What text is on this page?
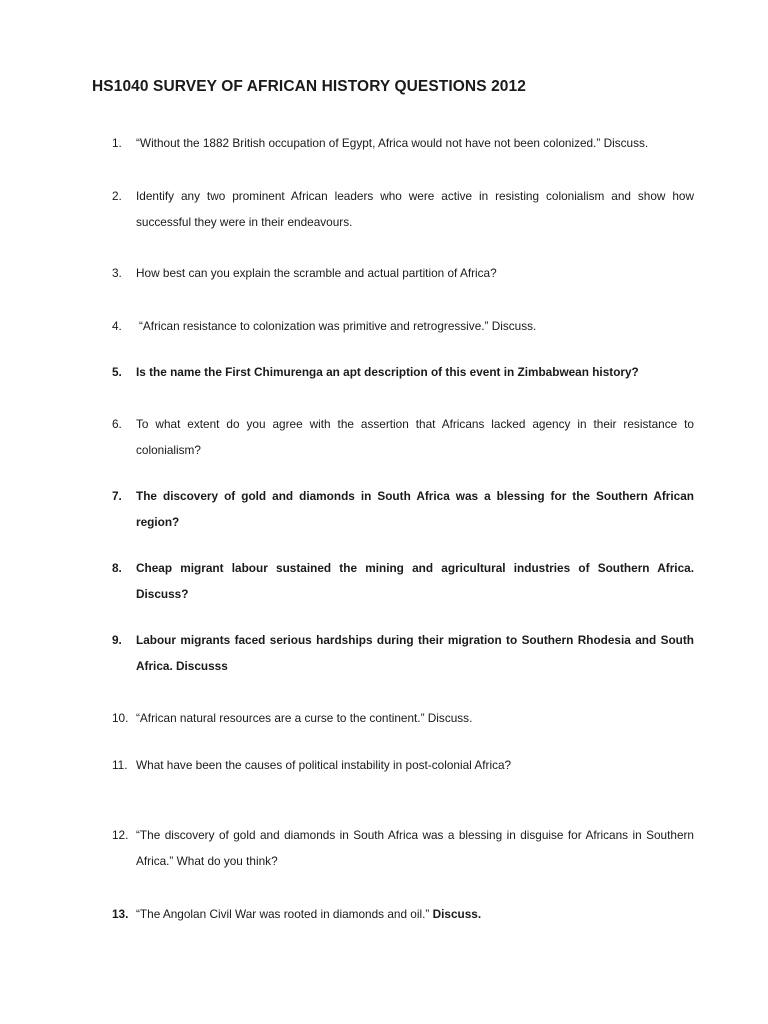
HS1040 SURVEY OF AFRICAN HISTORY QUESTIONS 2012
1. “Without the 1882 British occupation of Egypt, Africa would not have not been colonized.” Discuss.
2. Identify any two prominent African leaders who were active in resisting colonialism and show how successful they were in their endeavours.
3. How best can you explain the scramble and actual partition of Africa?
4. “African resistance to colonization was primitive and retrogressive.” Discuss.
5. Is the name the First Chimurenga an apt description of this event in Zimbabwean history?
6. To what extent do you agree with the assertion that Africans lacked agency in their resistance to colonialism?
7. The discovery of gold and diamonds in South Africa was a blessing for the Southern African region?
8. Cheap migrant labour sustained the mining and agricultural industries of Southern Africa. Discuss?
9. Labour migrants faced serious hardships during their migration to Southern Rhodesia and South Africa. Discusss
10. “African natural resources are a curse to the continent.” Discuss.
11. What have been the causes of political instability in post-colonial Africa?
12. “The discovery of gold and diamonds in South Africa was a blessing in disguise for Africans in Southern Africa.” What do you think?
13. “The Angolan Civil War was rooted in diamonds and oil.” Discuss.
